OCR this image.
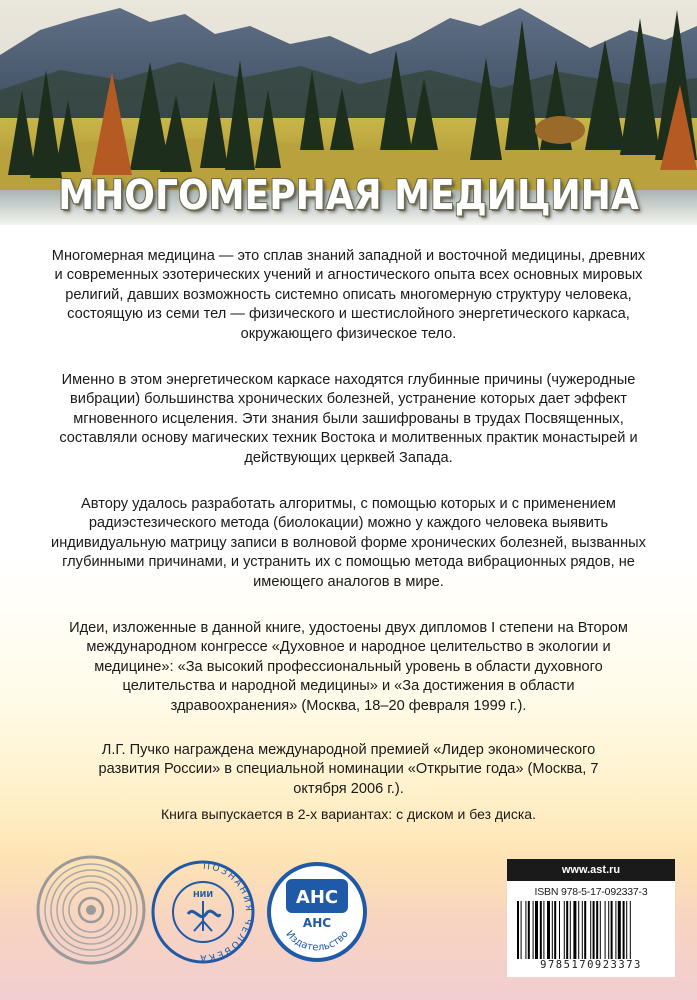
МНОГОМЕРНАЯ МЕДИЦИНА

Многомерная медицина — это сплав знаний западной и восточной медицины, древних и современных эзотерических учений и агностического опыта всех основных мировых религий, давших возможность системно описать многомерную структуру человека, состоящую из семи тел — физического и шестислойного энергетического каркаса, окружающего физическое тело.

Именно в этом энергетическом каркасе находятся глубинные причины (чужеродные вибрации) большинства хронических болезней, устранение которых дает эффект мгновенного исцеления. Эти знания были зашифрованы в трудах Посвященных, составляли основу магических техник Востока и молитвенных практик монастырей и действующих церквей Запада.

Автору удалось разработать алгоритмы, с помощью которых и с применением радиэстезического метода (биолокации) можно у каждого человека выявить индивидуальную матрицу записи в волновой форме хронических болезней, вызванных глубинными причинами, и устранить их с помощью метода вибрационных рядов, не имеющего аналогов в мире.

Идеи, изложенные в данной книге, удостоены двух дипломов I степени на Втором международном конгрессе «Духовное и народное целительство в экологии и медицине»: «За высокий профессиональный уровень в области духовного целительства и народной медицины» и «За достижения в области здравоохранения» (Москва, 18–20 февраля 1999 г.).

Л.Г. Пучко награждена международной премией «Лидер экономического развития России» в специальной номинации «Открытие года» (Москва, 7 октября 2006 г.).

Книга выпускается в 2-х вариантах: с диском и без диска.

ПОЗНАНИЯ ЧЕЛОВЕКА
НИИ	АНС
АНС
Издательство
www.ast.ru
ISBN 978-5-17-092337-3
9785170923373
